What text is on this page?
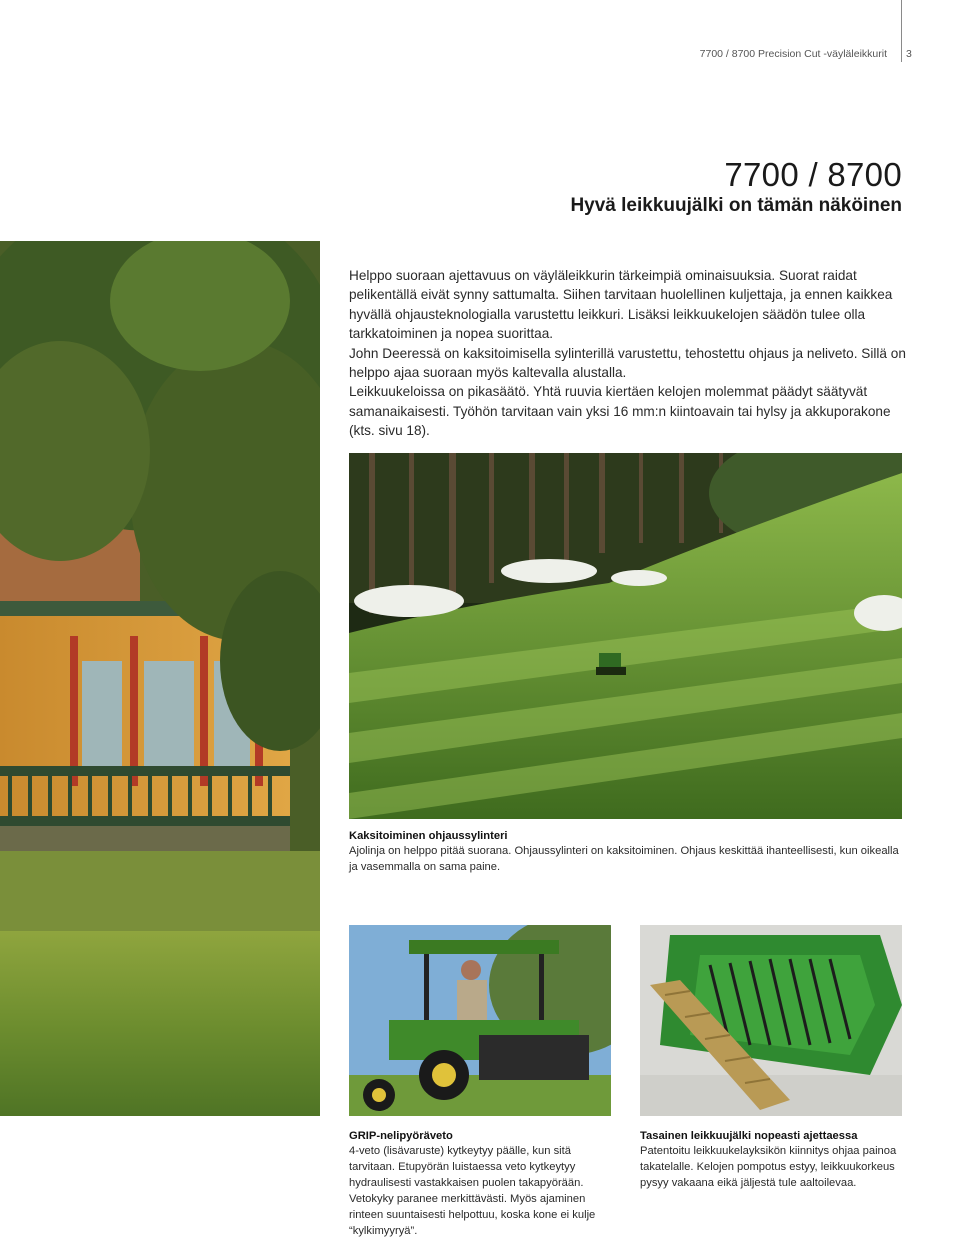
7700 / 8700 Precision Cut -väyläleikkurit 3
7700 / 8700
Hyvä leikkuujälki on tämän näköinen

Helppo suoraan ajettavuus on väyläleikkurin tärkeimpiä ominaisuuksia. Suorat raidat pelikentällä eivät synny sattumalta. Siihen tarvitaan huolellinen kuljettaja, ja ennen kaikkea hyvällä ohjausteknologialla varustettu leikkuri. Lisäksi leikkuukelojen säädön tulee olla tarkkatoiminen ja nopea suorittaa.

John Deeressä on kaksitoimisella sylinterillä varustettu, tehostettu ohjaus ja neliveto. Sillä on helppo ajaa suoraan myös kaltevalla alustalla.

Leikkuukeloissa on pikasäätö. Yhtä ruuvia kiertäen kelojen molemmat päädyt säätyvät samanaikaisesti. Työhön tarvitaan vain yksi 16 mm:n kiintoavain tai hylsy ja akkuporakone (kts. sivu 18).

Kaksitoiminen ohjaussylinteri

Ajolinja on helppo pitää suorana. Ohjaussylinteri on kaksitoiminen. Ohjaus keskittää ihanteellisesti, kun oikealla ja vasemmalla on sama paine.

GRIP-nelipyöräveto

4-veto (lisävaruste) kytkeytyy päälle, kun sitä tarvitaan. Etupyörän luistaessa veto kytkeytyy hydraulisesti vastakkaisen puolen takapyörään. Vetokyky paranee merkittävästi. Myös ajaminen rinteen suuntaisesti helpottuu, koska kone ei kulje “kylkimyyryä”.

Tasainen leikkuujälki nopeasti ajettaessa

Patentoitu leikkuukelayksikön kiinnitys ohjaa painoa takatelalle. Kelojen pompotus estyy, leikkuukorkeus pysyy vakaana eikä jäljestä tule aaltoilevaa.
